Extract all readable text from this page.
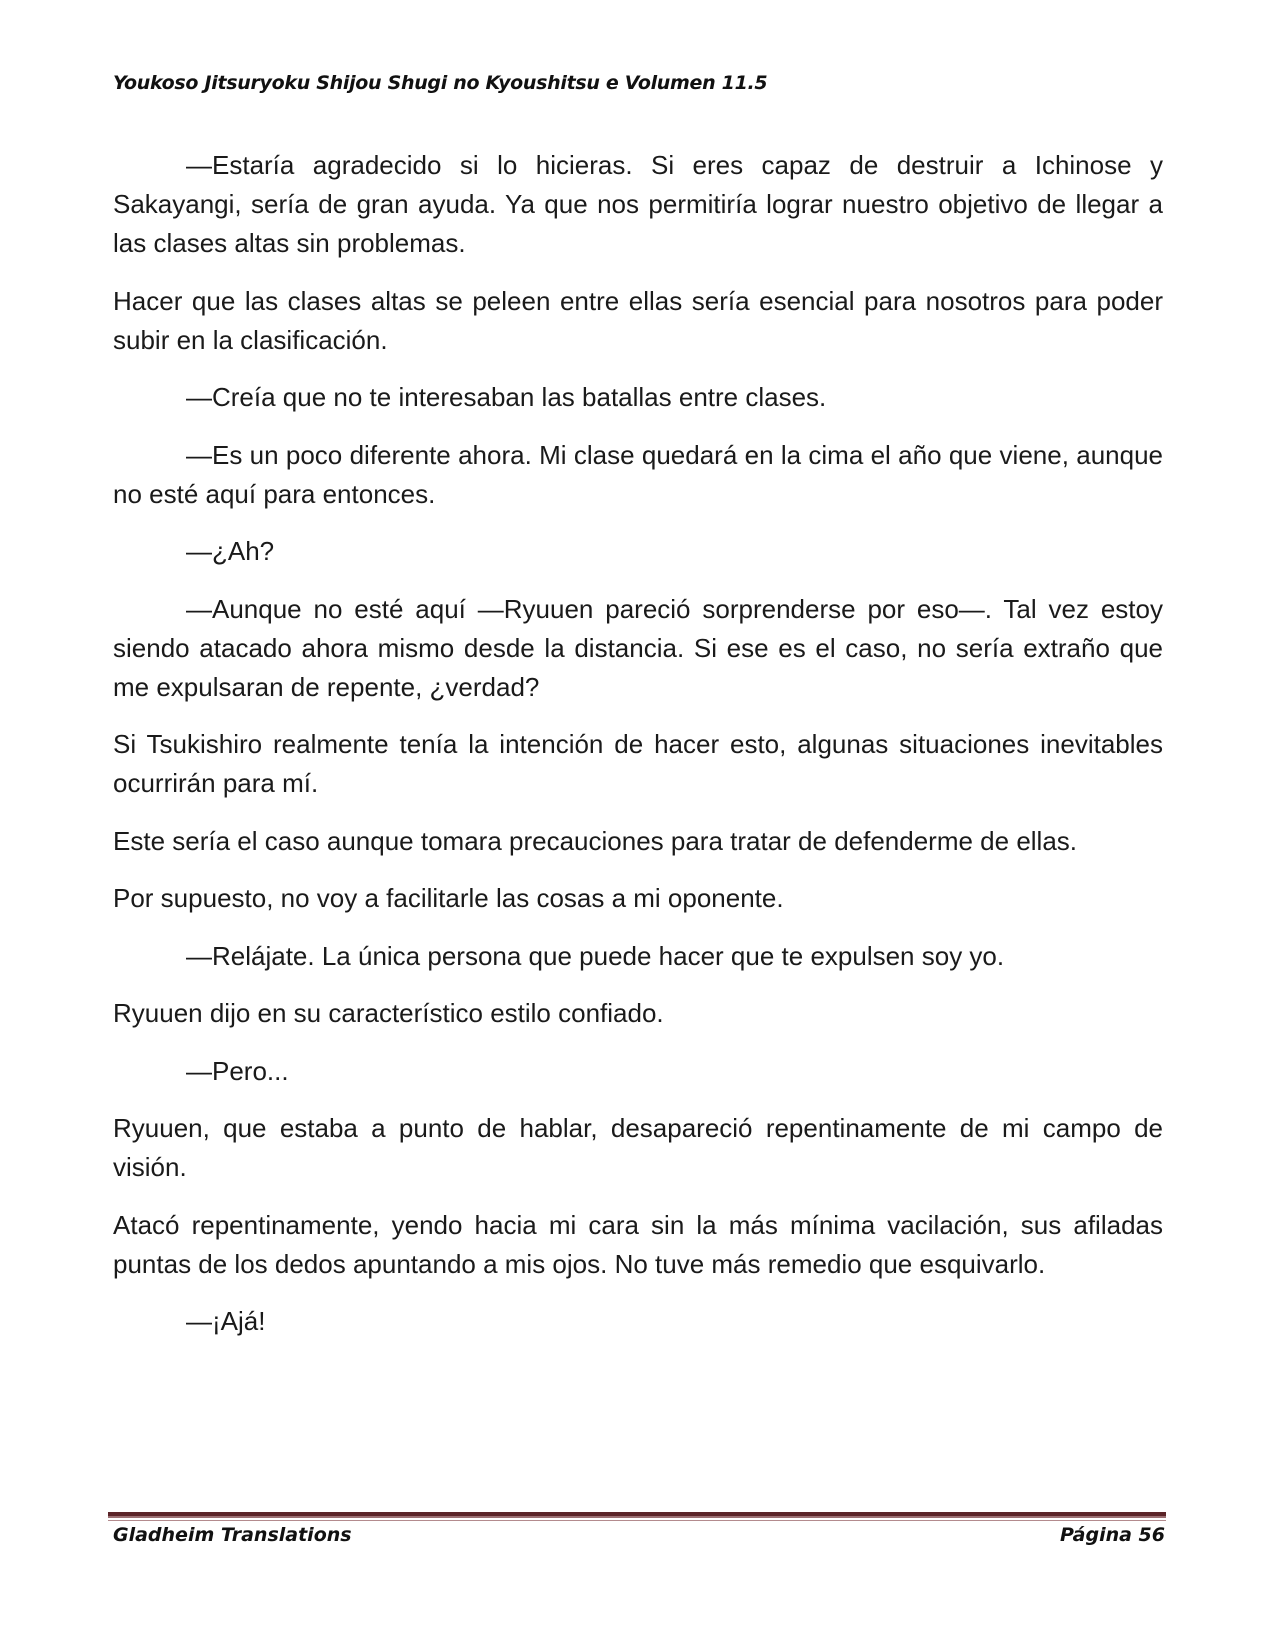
Youkoso Jitsuryoku Shijou Shugi no Kyoushitsu e Volumen 11.5

—Estaría agradecido si lo hicieras. Si eres capaz de destruir a Ichinose y Sakayangi, sería de gran ayuda. Ya que nos permitiría lograr nuestro objetivo de llegar a las clases altas sin problemas.

Hacer que las clases altas se peleen entre ellas sería esencial para nosotros para poder subir en la clasificación.

—Creía que no te interesaban las batallas entre clases.

—Es un poco diferente ahora. Mi clase quedará en la cima el año que viene, aunque no esté aquí para entonces.

—¿Ah?

—Aunque no esté aquí —Ryuuen pareció sorprenderse por eso—. Tal vez estoy siendo atacado ahora mismo desde la distancia. Si ese es el caso, no sería extraño que me expulsaran de repente, ¿verdad?

Si Tsukishiro realmente tenía la intención de hacer esto, algunas situaciones inevitables ocurrirán para mí.

Este sería el caso aunque tomara precauciones para tratar de defenderme de ellas.

Por supuesto, no voy a facilitarle las cosas a mi oponente.

—Relájate. La única persona que puede hacer que te expulsen soy yo.

Ryuuen dijo en su característico estilo confiado.

—Pero...

Ryuuen, que estaba a punto de hablar, desapareció repentinamente de mi campo de visión.

Atacó repentinamente, yendo hacia mi cara sin la más mínima vacilación, sus afiladas puntas de los dedos apuntando a mis ojos. No tuve más remedio que esquivarlo.

—¡Ajá!

Gladheim Translations	Página 56
